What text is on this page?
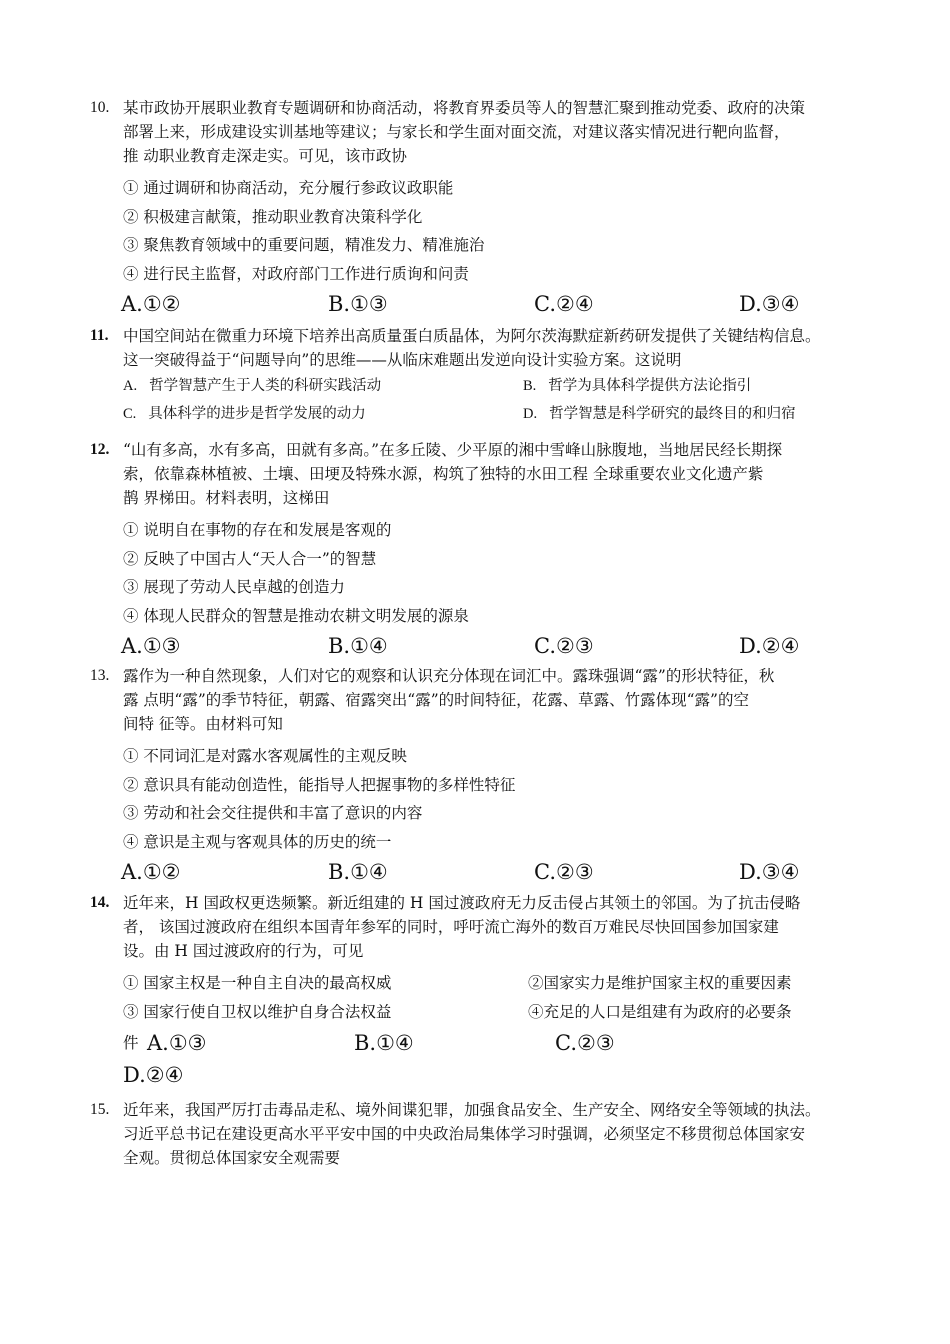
10. 某市政协开展职业教育专题调研和协商活动，将教育界委员等人的智慧汇聚到推动党委、政府的决策
部署上来，形成建设实训基地等建议；与家长和学生面对面交流，对建议落实情况进行靶向监督，
推 动职业教育走深走实。可见，该市政协
① 通过调研和协商活动，充分履行参政议政职能
② 积极建言献策，推动职业教育决策科学化
③ 聚焦教育领域中的重要问题，精准发力、精准施治
④ 进行民主监督，对政府部门工作进行质询和问责
A.①②	B.①③	C.②④	D.③④
11. 中国空间站在微重力环境下培养出高质量蛋白质晶体，为阿尔茨海默症新药研发提供了关键结构信息。
这一突破得益于“问题导向”的思维——从临床难题出发逆向设计实验方案。这说明
A. 哲学智慧产生于人类的科研实践活动	B. 哲学为具体科学提供方法论指引
C. 具体科学的进步是哲学发展的动力	D. 哲学智慧是科学研究的最终目的和归宿
12. “山有多高，水有多高，田就有多高。”在多丘陵、少平原的湘中雪峰山脉腹地，当地居民经长期探
索，依靠森林植被、土壤、田埂及特殊水源，构筑了独特的水田工程 全球重要农业文化遗产紫
鹊 界梯田。材料表明，这梯田
① 说明自在事物的存在和发展是客观的
② 反映了中国古人“天人合一”的智慧
③ 展现了劳动人民卓越的创造力
④ 体现人民群众的智慧是推动农耕文明发展的源泉
A.①③	B.①④	C.②③	D.②④
13. 露作为一种自然现象，人们对它的观察和认识充分体现在词汇中。露珠强调“露”的形状特征，秋
露 点明“露”的季节特征，朝露、宿露突出“露”的时间特征，花露、草露、竹露体现“露”的空
间特 征等。由材料可知
① 不同词汇是对露水客观属性的主观反映
② 意识具有能动创造性，能指导人把握事物的多样性特征
③ 劳动和社会交往提供和丰富了意识的内容
④ 意识是主观与客观具体的历史的统一
A.①②	B.①④	C.②③	D.③④
14. 近年来，H 国政权更迭频繁。新近组建的 H 国过渡政府无力反击侵占其领土的邻国。为了抗击侵略
者， 该国过渡政府在组织本国青年参军的同时，呼吁流亡海外的数百万难民尽快回国参加国家建
设。由 H 国过渡政府的行为，可见
① 国家主权是一种自主自决的最高权威	②国家实力是维护国家主权的重要因素
③ 国家行使自卫权以维护自身合法权益	④充足的人口是组建有为政府的必要条
件 A.①③	B.①④	C.②③
D.②④
15. 近年来，我国严厉打击毒品走私、境外间谍犯罪，加强食品安全、生产安全、网络安全等领域的执法。
习近平总书记在建设更高水平平安中国的中央政治局集体学习时强调，必须坚定不移贯彻总体国家安
全观。贯彻总体国家安全观需要
